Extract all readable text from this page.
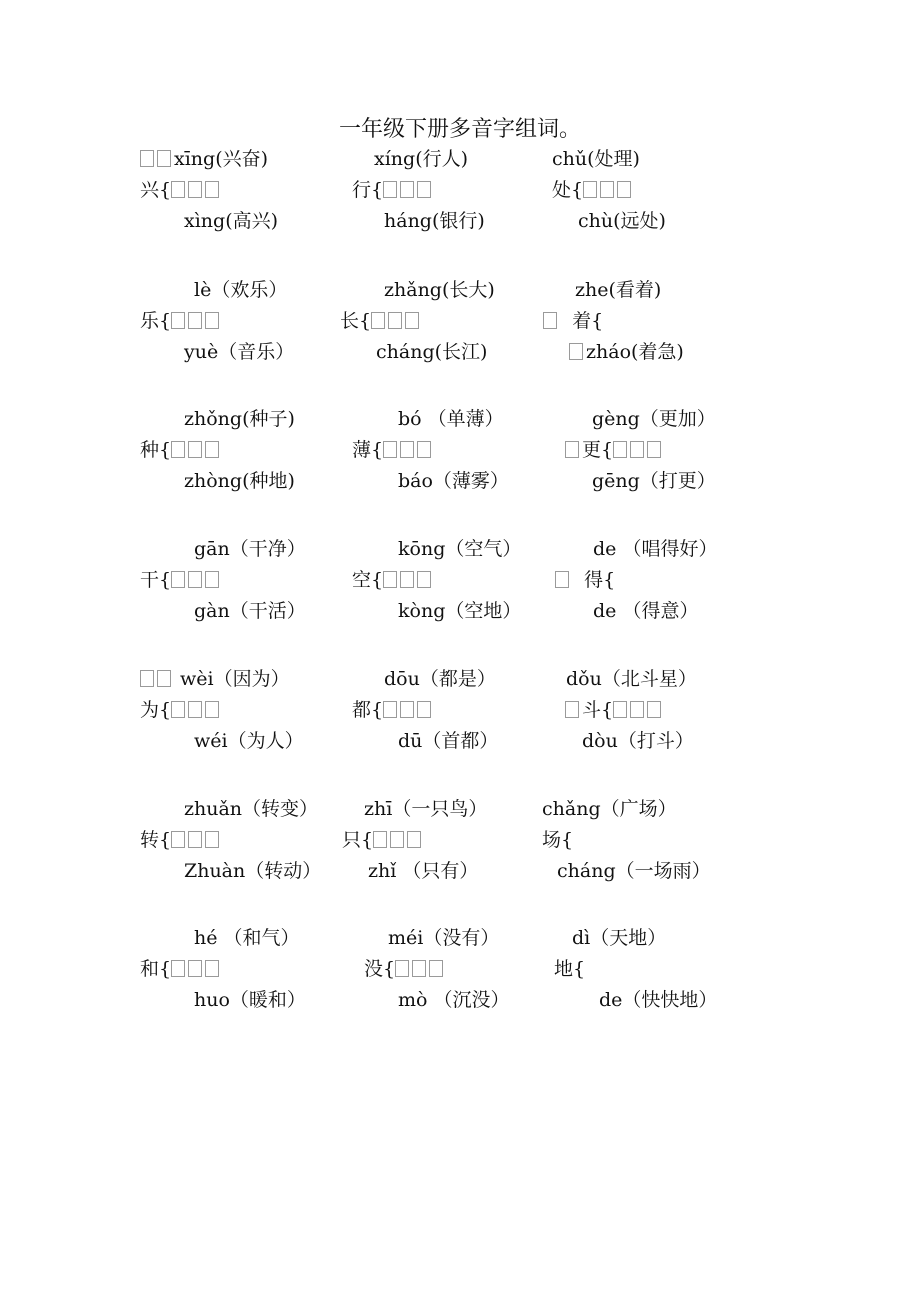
一年级下册多音字组词。
xīng(兴奋)
兴{
xìng(高兴)
xíng(行人)
行{
háng(银行)
chǔ(处理)
处{
chù(远处)
lè（欢乐）
乐{
yuè（音乐）
zhǎng(长大)
长{
cháng(长江)
zhe(看着)
着{
zháo(着急)
zhǒng(种子)
种{
zhòng(种地)
bó （单薄）
薄{
báo（薄雾）
gèng（更加）
更{
gēng（打更）
gān（干净）
干{
gàn（干活）
kōng（空气）
空{
kòng（空地）
de （唱得好）
得{
de （得意）
wèi（因为）
为{
wéi（为人）
dōu（都是）
都{
dū（首都）
dǒu（北斗星）
斗{
dòu（打斗）
zhuǎn（转变）
转{
Zhuàn（转动）
zhī（一只鸟）
只{
zhǐ （只有）
chǎng（广场）
场{
cháng（一场雨）
hé （和气）
和{
huo（暖和）
méi（没有）
没{
mò （沉没）
dì（天地）
地{
de（快快地）
